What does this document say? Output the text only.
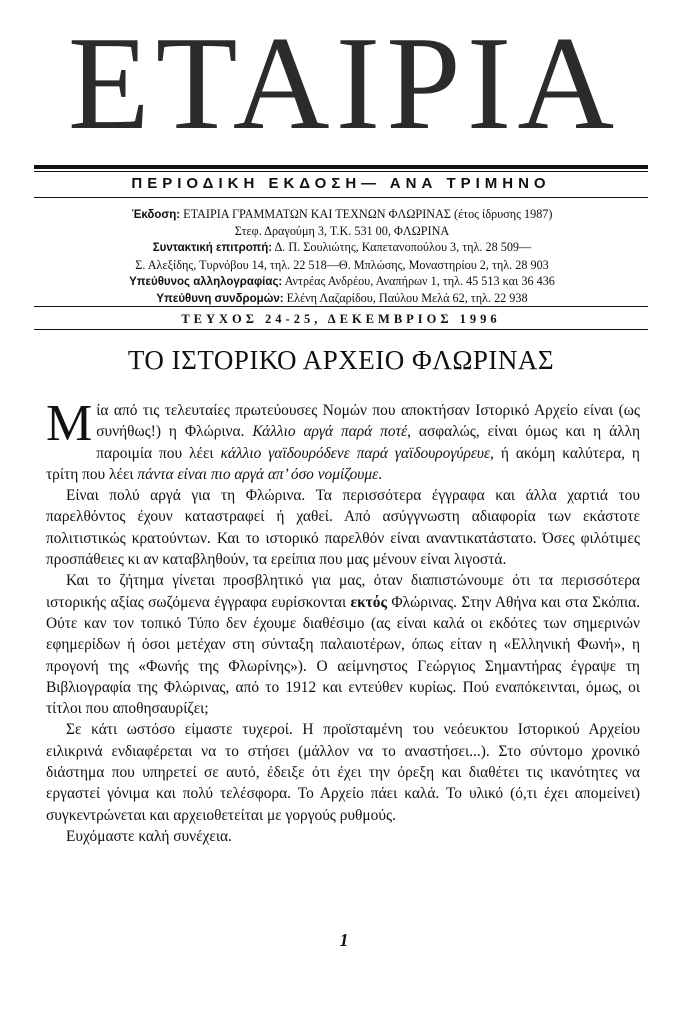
ΕΤΑΙΡΙΑ
ΠΕΡΙΟΔΙΚΗ ΕΚΔΟΣΗ— ΑΝΑ ΤΡΙΜΗΝΟ
Έκδοση: ΕΤΑΙΡΙΑ ΓΡΑΜΜΑΤΩΝ ΚΑΙ ΤΕΧΝΩΝ ΦΛΩΡΙΝΑΣ (έτος ίδρυσης 1987)
Στεφ. Δραγούμη 3, Τ.Κ. 531 00, ΦΛΩΡΙΝΑ
Συντακτική επιτροπή: Δ. Π. Σουλιώτης, Καπετανοπούλου 3, τηλ. 28 509—
Σ. Αλεξίδης, Τυρνόβου 14, τηλ. 22 518—Θ. Μπλώσης, Μοναστηρίου 2, τηλ. 28 903
Υπεύθυνος αλληλογραφίας: Αντρέας Ανδρέου, Αναπήρων 1, τηλ. 45 513 και 36 436
Υπεύθυνη συνδρομών: Ελένη Λαζαρίδου, Παύλου Μελά 62, τηλ. 22 938
ΤΕΥΧΟΣ 24-25, ΔΕΚΕΜΒΡΙΟΣ 1996
ΤΟ ΙΣΤΟΡΙΚΟ ΑΡΧΕΙΟ ΦΛΩΡΙΝΑΣ

Μία από τις τελευταίες πρωτεύουσες Νομών που αποκτήσαν Ιστορικό Αρχείο είναι (ως συνήθως!) η Φλώρινα. Κάλλιο αργά παρά ποτέ, ασφαλώς, είναι όμως και η άλλη παροιμία που λέει κάλλιο γαϊδουρόδενε παρά γαϊδουρογύρευε, ή ακόμη καλύτερα, η τρίτη που λέει πάντα είναι πιο αργά απ’ όσο νομίζουμε.

Είναι πολύ αργά για τη Φλώρινα. Τα περισσότερα έγγραφα και άλλα χαρτιά του παρελθόντος έχουν καταστραφεί ή χαθεί. Από ασύγγνωστη αδιαφορία των εκάστοτε πολιτιστικώς κρατούντων. Και το ιστορικό παρελθόν είναι αναντικατάστατο. Όσες φιλότιμες προσπάθειες κι αν καταβληθούν, τα ερείπια που μας μένουν είναι λιγοστά.

Και το ζήτημα γίνεται προσβλητικό για μας, όταν διαπιστώνουμε ότι τα περισσότερα ιστορικής αξίας σωζόμενα έγγραφα ευρίσκονται εκτός Φλώρινας. Στην Αθήνα και στα Σκόπια. Ούτε καν τον τοπικό Τύπο δεν έχουμε διαθέσιμο (ας είναι καλά οι εκδότες των σημερινών εφημερίδων ή όσοι μετέχαν στη σύνταξη παλαιοτέρων, όπως είταν η «Ελληνική Φωνή», η προγονή της «Φωνής της Φλωρίνης»). Ο αείμνηστος Γεώργιος Σημαντήρας έγραψε τη Βιβλιογραφία της Φλώρινας, από το 1912 και εντεύθεν κυρίως. Πού εναπόκεινται, όμως, οι τίτλοι που αποθησαυρίζει;

Σε κάτι ωστόσο είμαστε τυχεροί. Η προϊσταμένη του νεόευκτου Ιστορικού Αρχείου ειλικρινά ενδιαφέρεται να το στήσει (μάλλον να το αναστήσει...). Στο σύντομο χρονικό διάστημα που υπηρετεί σε αυτό, έδειξε ότι έχει την όρεξη και διαθέτει τις ικανότητες να εργαστεί γόνιμα και πολύ τελέσφορα. Το Αρχείο πάει καλά. Το υλικό (ό,τι έχει απομείνει) συγκεντρώνεται και αρχειοθετείται με γοργούς ρυθμούς.

Ευχόμαστε καλή συνέχεια.

1
